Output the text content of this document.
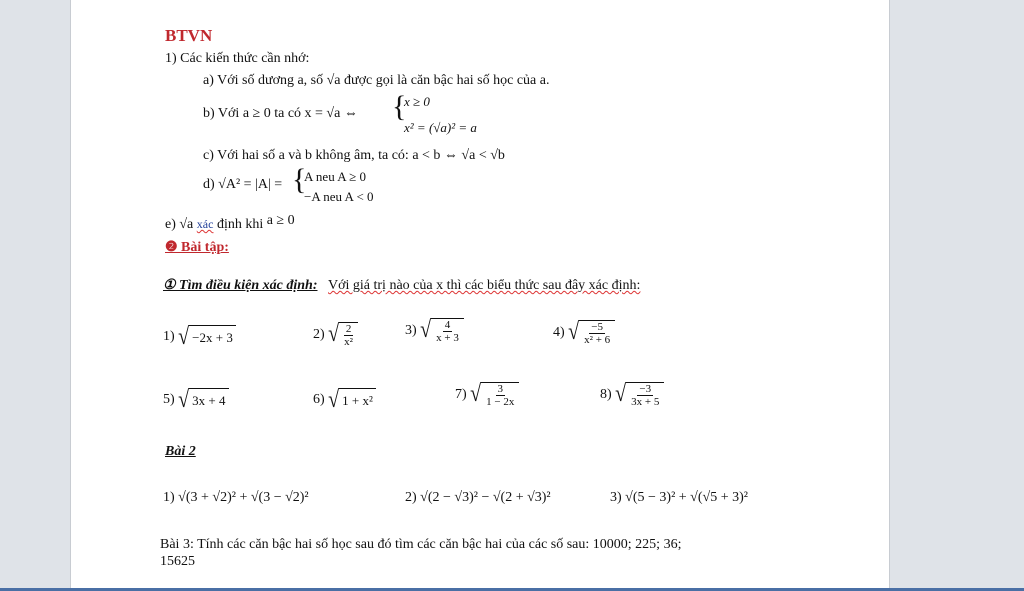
BTVN
1) Các kiến thức cần nhớ:
a) Với số dương a, số √a được gọi là căn bậc hai số học của a.
b) Với a ≥ 0 ta có x = √a ⇔ {
x ≥ 0
x² = (√a)² = a
c) Với hai số a và b không âm, ta có: a < b ⇔ √a < √b
d) √A² = |A| = {
A neu A ≥ 0
−A neu A < 0
e) √a xác định khi a ≥ 0
❷ Bài tập:
① Tìm điều kiện xác định: Với giá trị nào của x thì các biểu thức sau đây xác định:
1) √ −2x + 3	2) √ $\frac{2}{\text{x²}}$	3) √ $\frac{4}{x + 3}$	4) √ $\frac{-5}{\text{x² + 6}}$
5) √ 3x + 4	6) √ 1 + x²	7) √ $\frac{3}{1 - 2x}$	8) √ $\frac{-3}{3x + 5}$
Bài 2
1) √(3 + √2)² + √(3 − √2)²	2) √(2 − √3)² − √(2 + √3)²	3) √(5 − 3)² + √(√5 + 3)²
Bài 3: Tính các căn bậc hai số học sau đó tìm các căn bậc hai của các số sau: 10000; 225; 36;
15625
